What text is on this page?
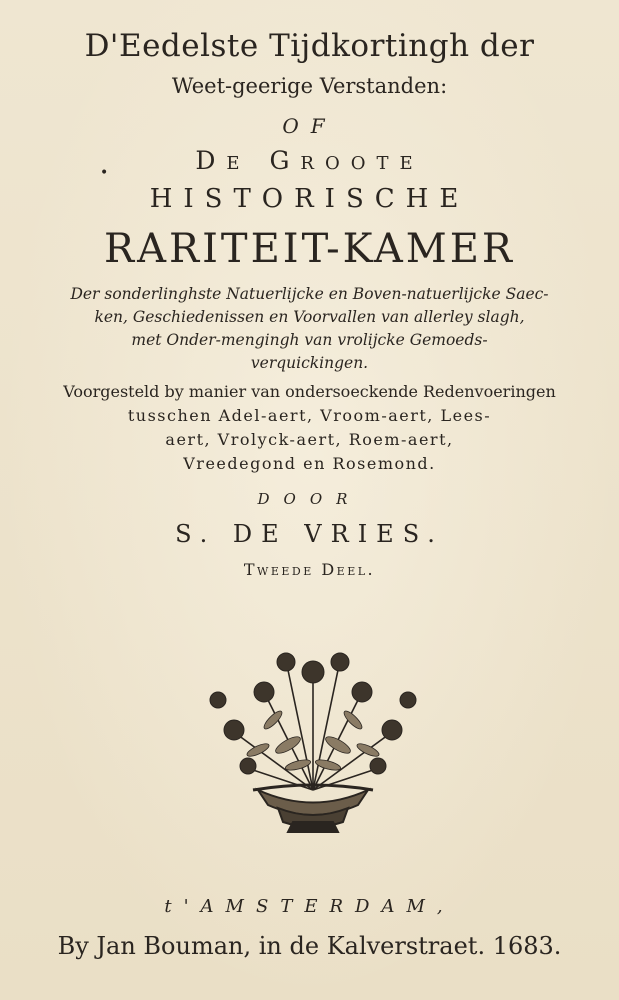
D'Eedelste Tijdkortingh der
Weet-geerige Verstanden:
OF
•	De Groote
HISTORISCHE
RARITEIT-KAMER
Der sonderlinghste Natuerlijcke en Boven-natuerlijcke Saec-
ken, Geschiedenissen en Voorvallen van allerley slagh,
met Onder-mengingh van vrolijcke Gemoeds-
verquickingen.
Voorgesteld by manier van ondersoeckende Redenvoeringen
tusschen Adel-aert, Vroom-aert, Lees-
aert, Vrolyck-aert, Roem-aert,
Vreedegond en Rosemond.
DOOR
S. DE VRIES.
Tweede Deel.
t'AMSTERDAM,
By Jan Bouman, in de Kalverstraet. 1683.
